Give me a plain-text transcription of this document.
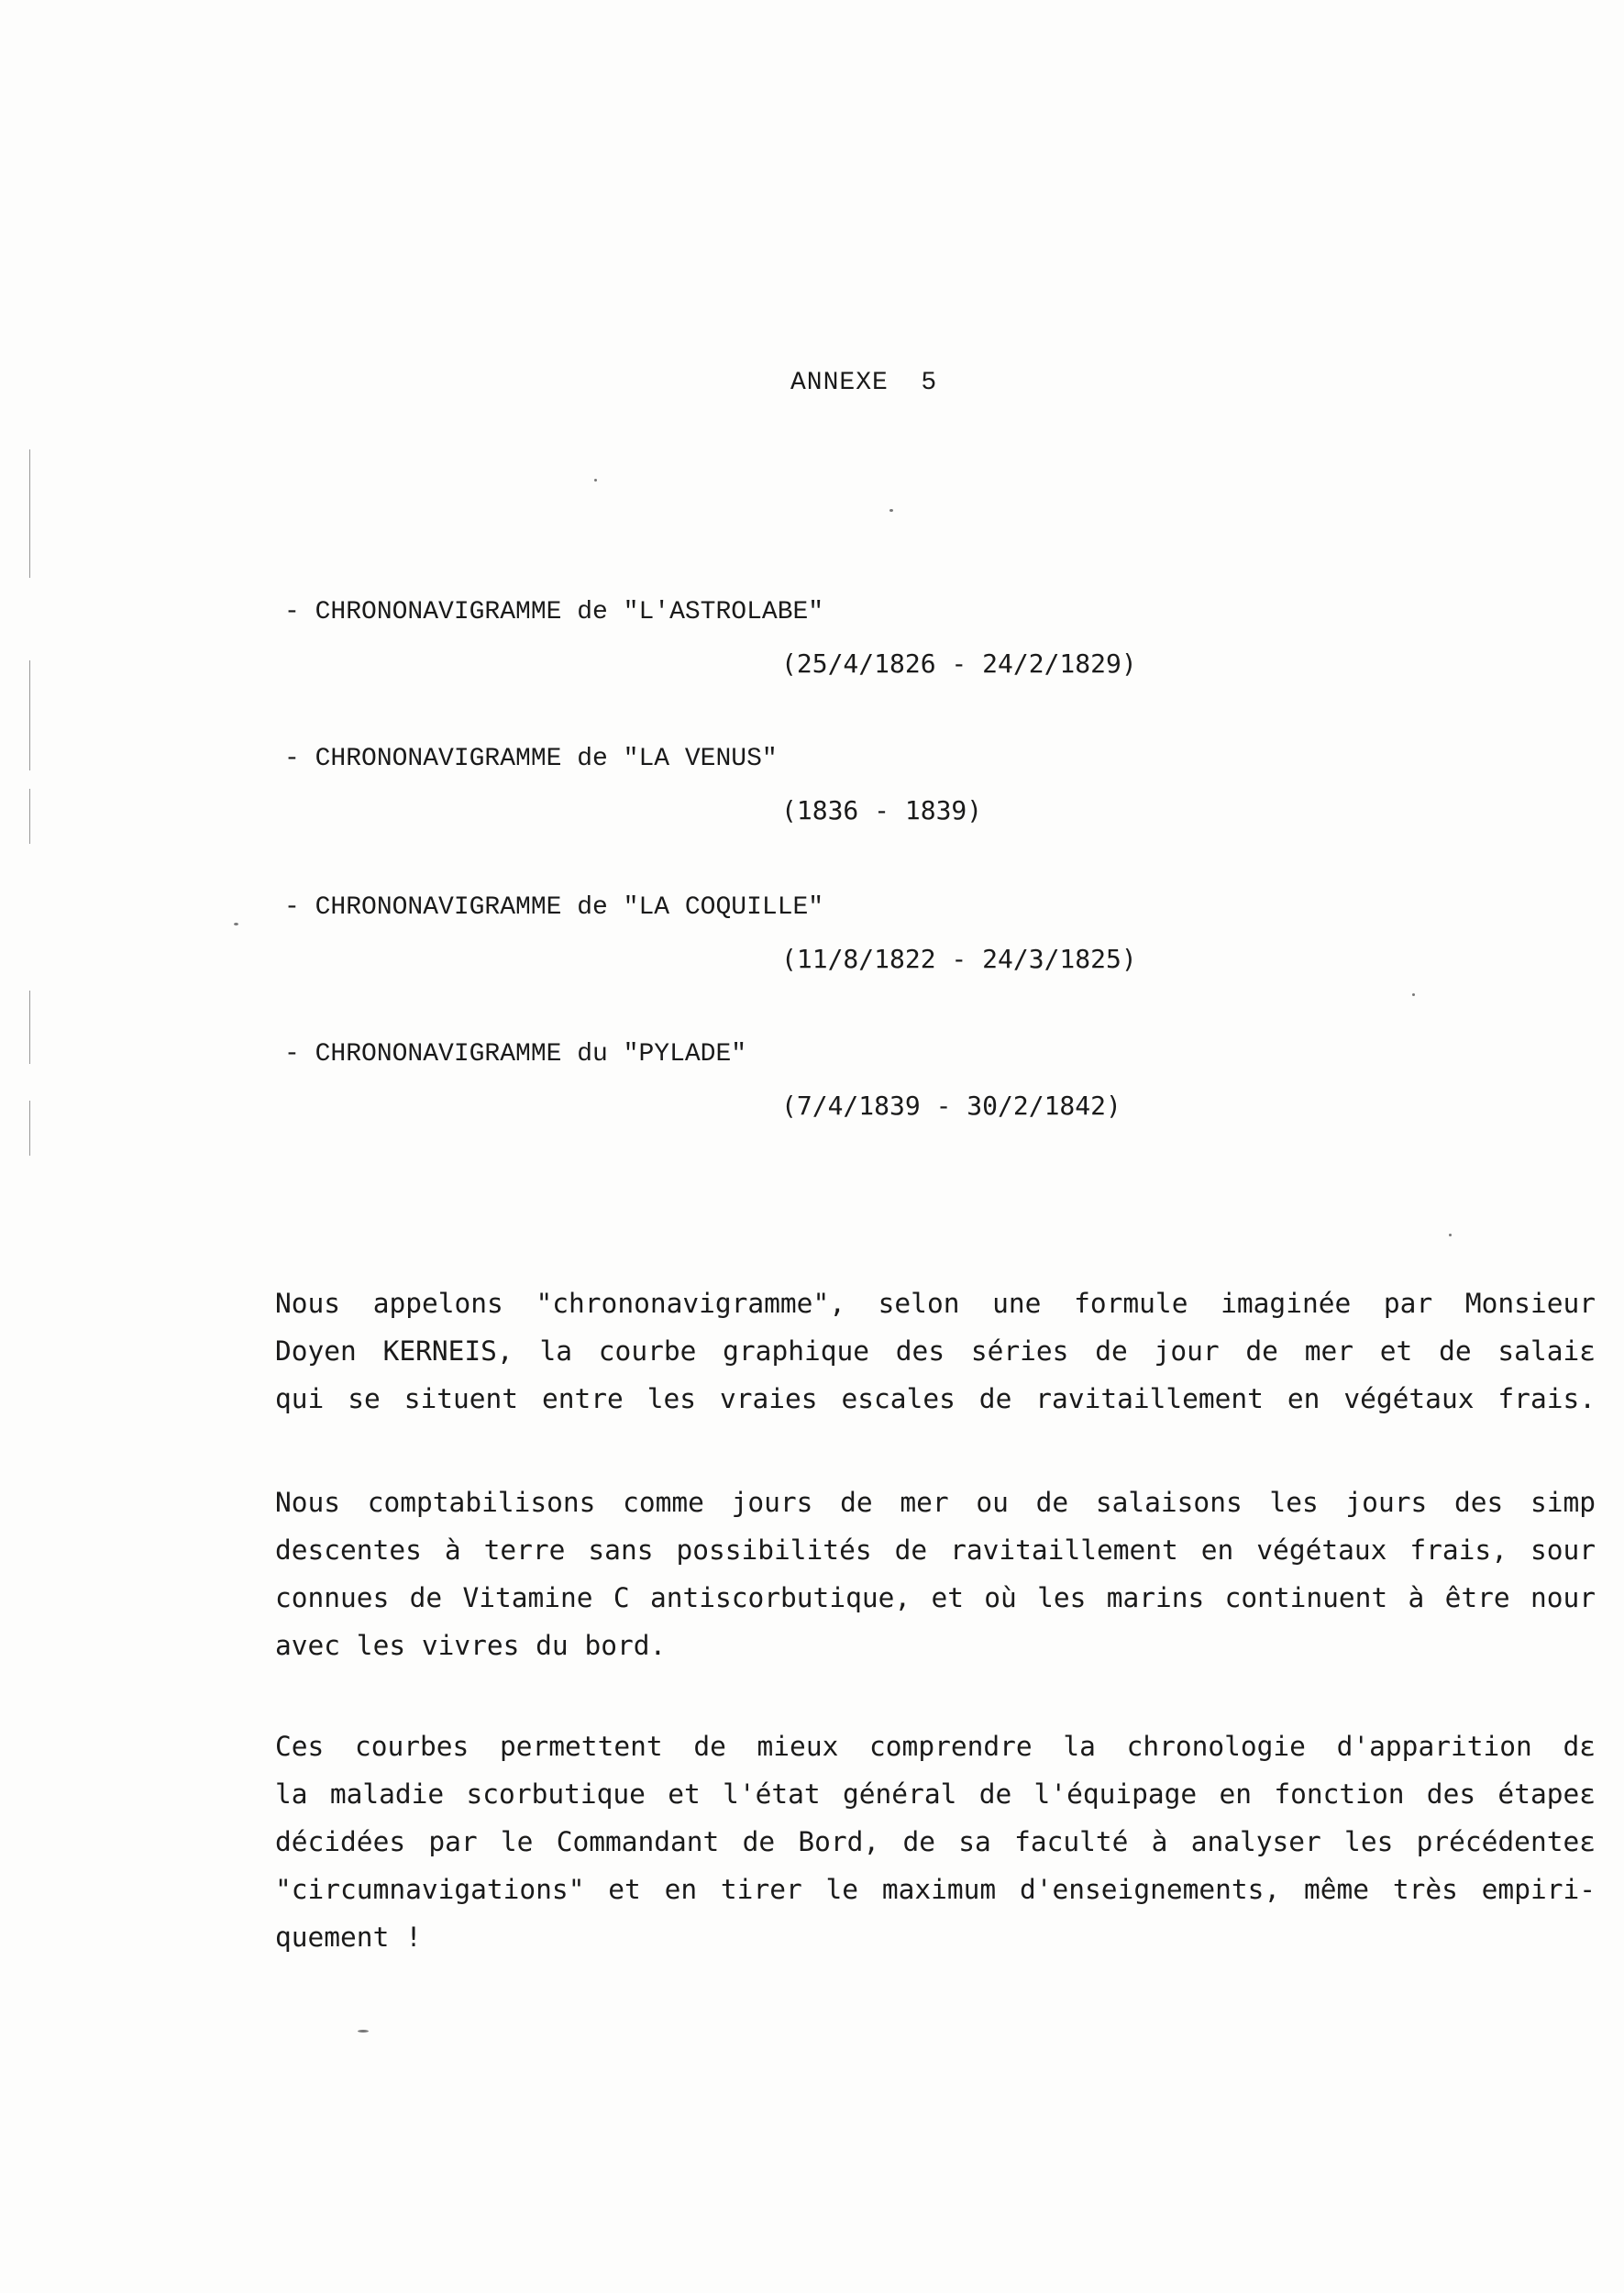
ANNEXE  5
- CHRONONAVIGRAMME de "L'ASTROLABE"
(25/4/1826 - 24/2/1829)
- CHRONONAVIGRAMME de "LA VENUS"
(1836 - 1839)
- CHRONONAVIGRAMME de "LA COQUILLE"
(11/8/1822 - 24/3/1825)
- CHRONONAVIGRAMME du "PYLADE"
(7/4/1839 - 30/2/1842)
Nous appelons "chrononavigramme", selon une formule imaginée par Monsieur
Doyen KERNEIS, la courbe graphique des séries de jour de mer et de salaiε
qui se situent entre les vraies escales de ravitaillement en végétaux frais.
Nous comptabilisons comme jours de mer ou de salaisons les jours des simp
descentes à terre sans possibilités de ravitaillement en végétaux frais, sour
connues de Vitamine C antiscorbutique, et où les marins continuent à être nour
avec les vivres du bord.
Ces courbes permettent de mieux comprendre la chronologie d'apparition dε
la maladie scorbutique et l'état général de l'équipage en fonction des étapeε
décidées par le Commandant de Bord, de sa faculté à analyser les précédenteε
"circumnavigations" et en tirer le maximum d'enseignements, même très empiri-
quement !
